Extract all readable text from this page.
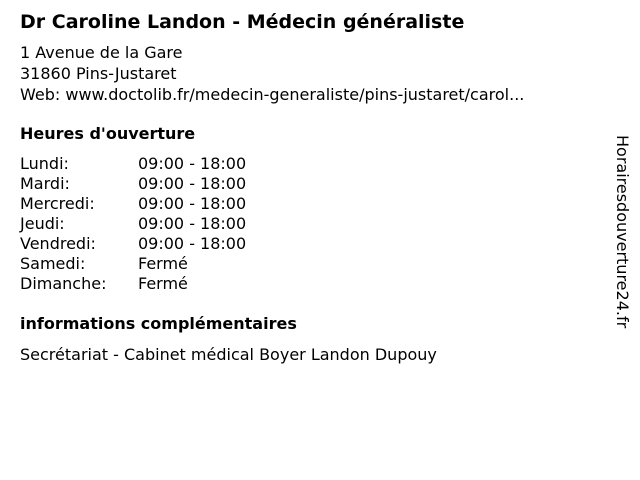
Dr Caroline Landon - Médecin généraliste
1 Avenue de la Gare
31860 Pins-Justaret
Web: www.doctolib.fr/medecin-generaliste/pins-justaret/carol...
Heures d'ouverture
Lundi:	09:00 - 18:00
Mardi:	09:00 - 18:00
Mercredi:	09:00 - 18:00
Jeudi:	09:00 - 18:00
Vendredi:	09:00 - 18:00
Samedi:	Fermé
Dimanche: Fermé
informations complémentaires
Secrétariat - Cabinet médical Boyer Landon Dupouy
Horairesdouverture24.fr
